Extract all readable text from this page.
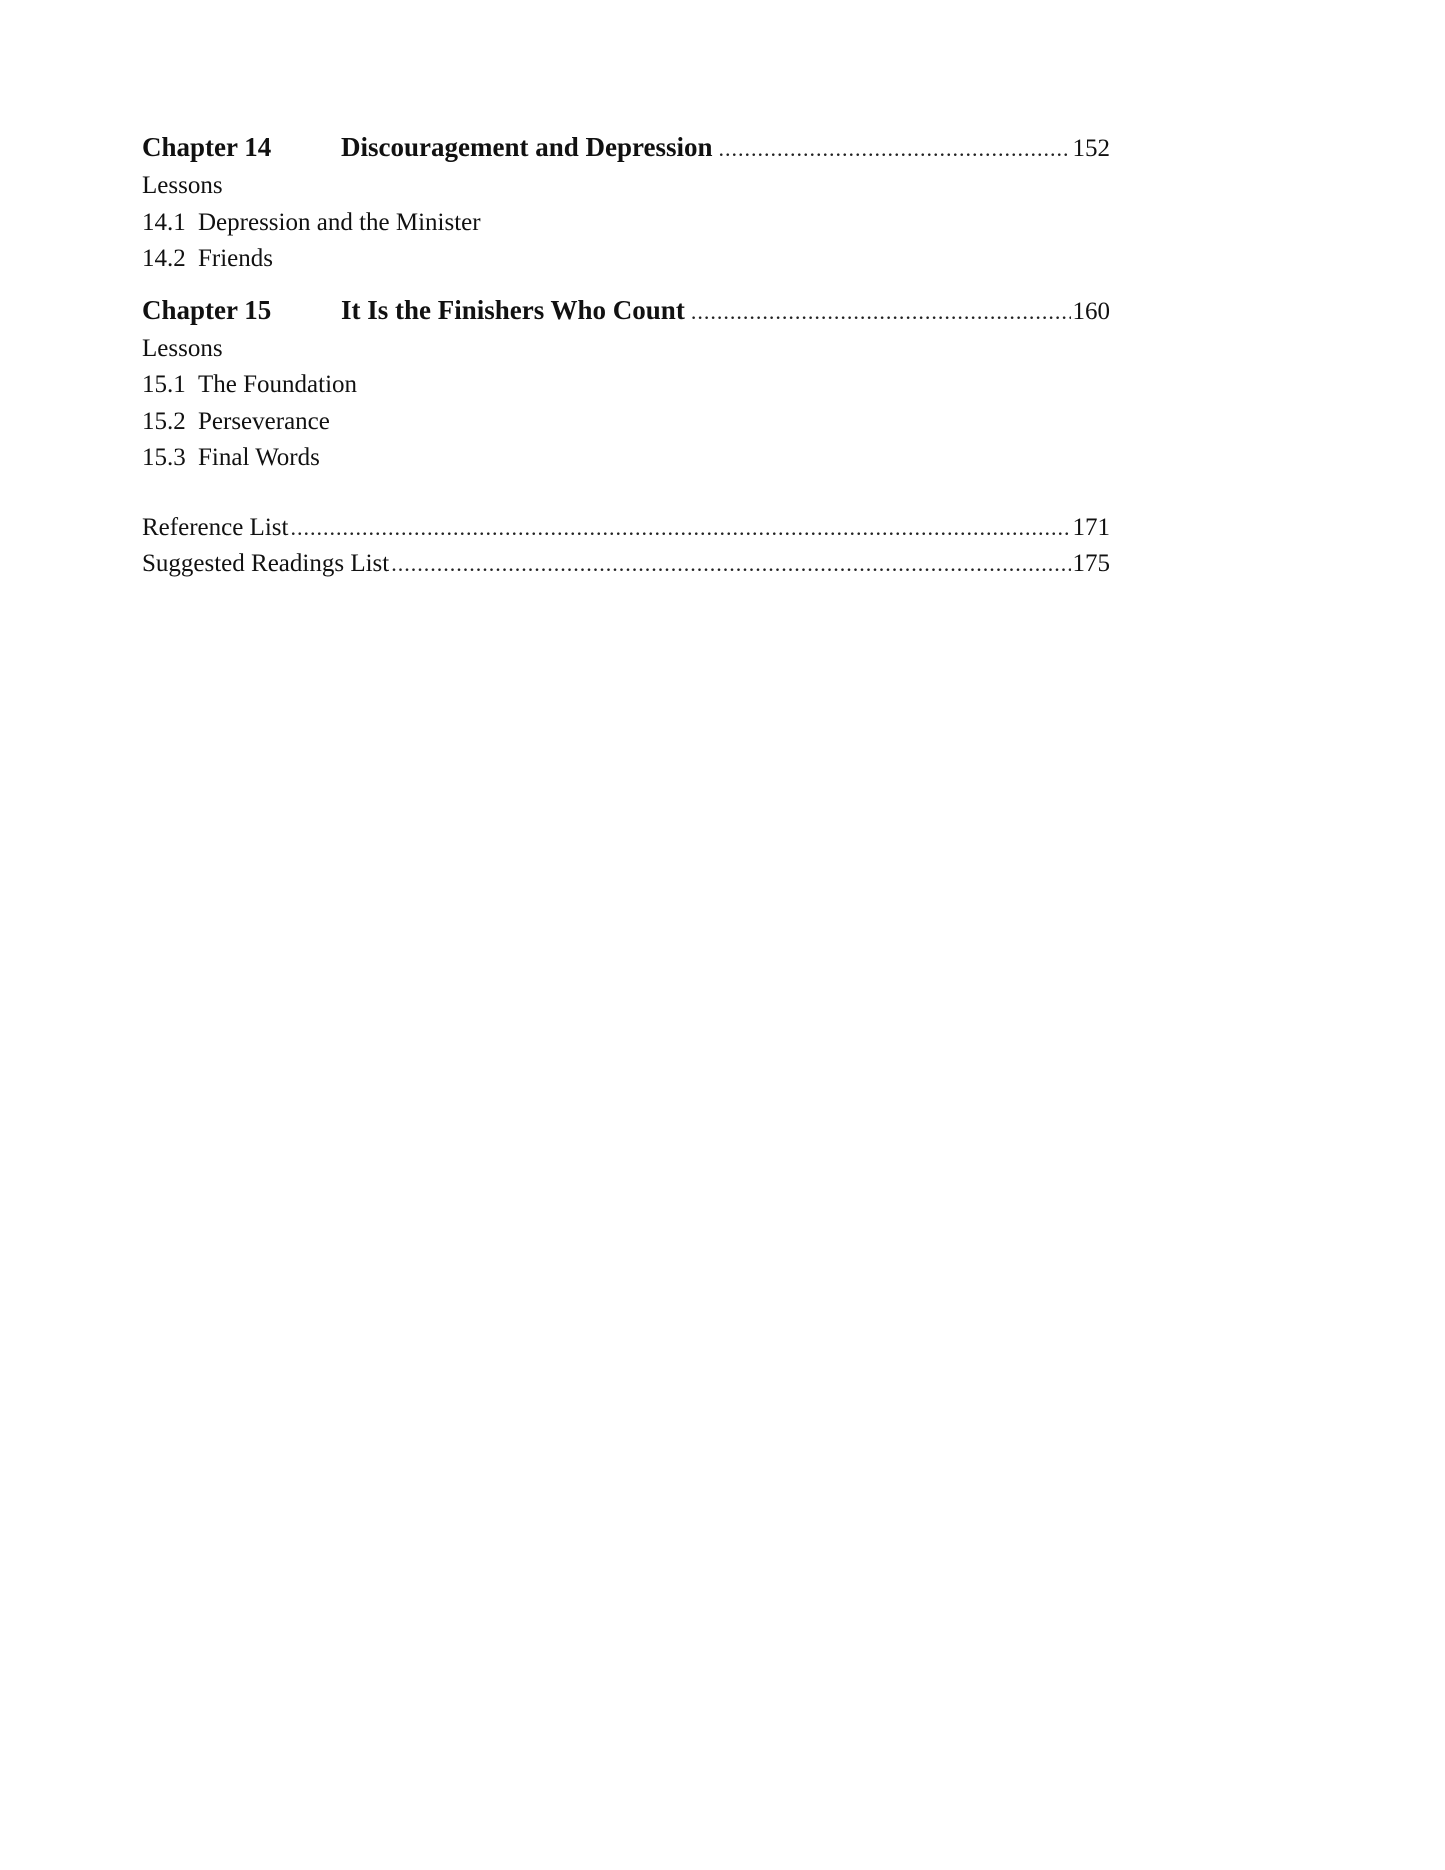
Chapter 14	Discouragement and Depression .....	152
Lessons
14.1 Depression and the Minister
14.2 Friends
Chapter 15	It Is the Finishers Who Count .....	160
Lessons
15.1 The Foundation
15.2 Perseverance
15.3 Final Words
Reference List .....	171
Suggested Readings List .....	175
